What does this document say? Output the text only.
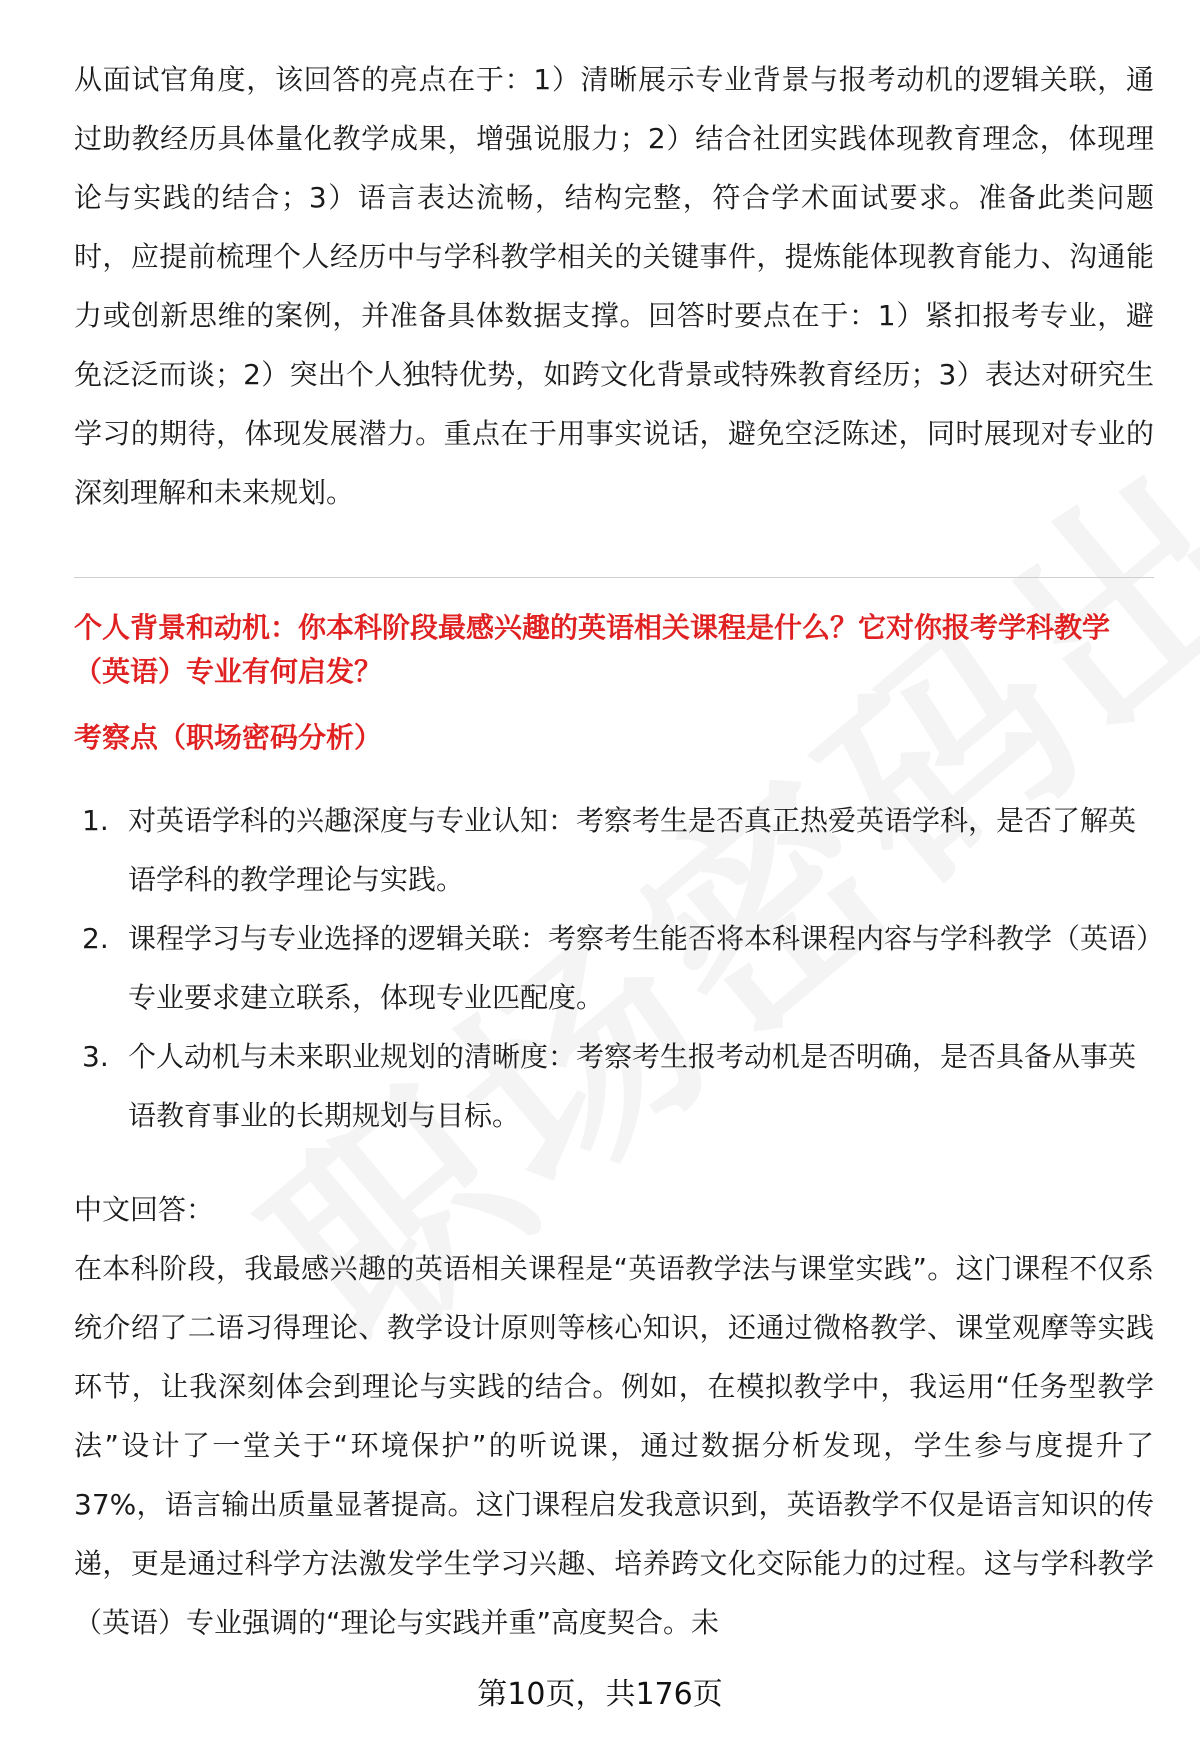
从面试官角度，该回答的亮点在于：1）清晰展示专业背景与报考动机的逻辑关联，通过助教经历具体量化教学成果，增强说服力；2）结合社团实践体现教育理念，体现理论与实践的结合；3）语言表达流畅，结构完整，符合学术面试要求。准备此类问题时，应提前梳理个人经历中与学科教学相关的关键事件，提炼能体现教育能力、沟通能力或创新思维的案例，并准备具体数据支撑。回答时要点在于：1）紧扣报考专业，避免泛泛而谈；2）突出个人独特优势，如跨文化背景或特殊教育经历；3）表达对研究生学习的期待，体现发展潜力。重点在于用事实说话，避免空泛陈述，同时展现对专业的深刻理解和未来规划。

个人背景和动机：你本科阶段最感兴趣的英语相关课程是什么？它对你报考学科教学（英语）专业有何启发？
考察点（职场密码分析）
1. 对英语学科的兴趣深度与专业认知：考察考生是否真正热爱英语学科，是否了解英语学科的教学理论与实践。
2. 课程学习与专业选择的逻辑关联：考察考生能否将本科课程内容与学科教学（英语）专业要求建立联系，体现专业匹配度。
3. 个人动机与未来职业规划的清晰度：考察考生报考动机是否明确，是否具备从事英语教育事业的长期规划与目标。

中文回答：

在本科阶段，我最感兴趣的英语相关课程是“英语教学法与课堂实践”。这门课程不仅系统介绍了二语习得理论、教学设计原则等核心知识，还通过微格教学、课堂观摩等实践环节，让我深刻体会到理论与实践的结合。例如，在模拟教学中，我运用“任务型教学法”设计了一堂关于“环境保护”的听说课，通过数据分析发现，学生参与度提升了37%，语言输出质量显著提高。这门课程启发我意识到，英语教学不仅是语言知识的传递，更是通过科学方法激发学生学习兴趣、培养跨文化交际能力的过程。这与学科教学（英语）专业强调的“理论与实践并重”高度契合。未

第10页，共176页
